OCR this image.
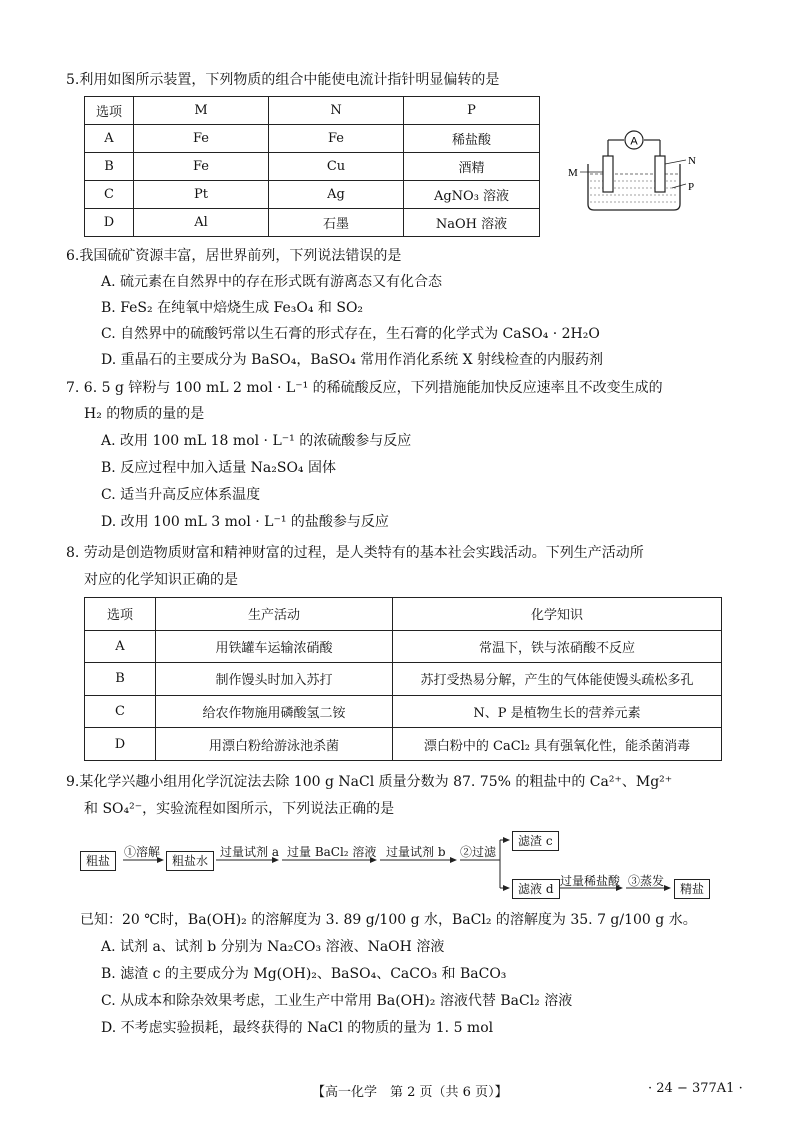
5.利用如图所示装置，下列物质的组合中能使电流计指针明显偏转的是
选项	M	N	P
A	Fe	Fe	稀盐酸
B	Fe	Cu	酒精
C	Pt	Ag	AgNO₃ 溶液
D	Al	石墨	NaOH 溶液
A
M
N
P
6.我国硫矿资源丰富，居世界前列，下列说法错误的是
A. 硫元素在自然界中的存在形式既有游离态又有化合态
B. FeS₂ 在纯氧中焙烧生成 Fe₃O₄ 和 SO₂
C. 自然界中的硫酸钙常以生石膏的形式存在，生石膏的化学式为 CaSO₄ · 2H₂O
D. 重晶石的主要成分为 BaSO₄，BaSO₄ 常用作消化系统 X 射线检查的内服药剂
7. 6. 5 g 锌粉与 100 mL 2 mol · L⁻¹ 的稀硫酸反应，下列措施能加快反应速率且不改变生成的
H₂ 的物质的量的是
A. 改用 100 mL 18 mol · L⁻¹ 的浓硫酸参与反应
B. 反应过程中加入适量 Na₂SO₄ 固体
C. 适当升高反应体系温度
D. 改用 100 mL 3 mol · L⁻¹ 的盐酸参与反应
8. 劳动是创造物质财富和精神财富的过程，是人类特有的基本社会实践活动。下列生产活动所
对应的化学知识正确的是
选项	生产活动	化学知识
A	用铁罐车运输浓硝酸	常温下，铁与浓硝酸不反应
B	制作馒头时加入苏打	苏打受热易分解，产生的气体能使馒头疏松多孔
C	给农作物施用磷酸氢二铵	N、P 是植物生长的营养元素
D	用漂白粉给游泳池杀菌	漂白粉中的 CaCl₂ 具有强氧化性，能杀菌消毒
9.某化学兴趣小组用化学沉淀法去除 100 g NaCl 质量分数为 87. 75% 的粗盐中的 Ca²⁺、Mg²⁺
和 SO₄²⁻，实验流程如图所示，下列说法正确的是
粗盐
①溶解
粗盐水
过量试剂 a 过量 BaCl₂ 溶液 过量试剂 b ②过滤
滤渣 c
滤液 d
过量稀盐酸 ③蒸发
精盐
已知：20 ℃时，Ba(OH)₂ 的溶解度为 3. 89 g/100 g 水，BaCl₂ 的溶解度为 35. 7 g/100 g 水。
A. 试剂 a、试剂 b 分别为 Na₂CO₃ 溶液、NaOH 溶液
B. 滤渣 c 的主要成分为 Mg(OH)₂、BaSO₄、CaCO₃ 和 BaCO₃
C. 从成本和除杂效果考虑，工业生产中常用 Ba(OH)₂ 溶液代替 BaCl₂ 溶液
D. 不考虑实验损耗，最终获得的 NaCl 的物质的量为 1. 5 mol
【高一化学　第 2 页（共 6 页）】	· 24 − 377A1 ·
